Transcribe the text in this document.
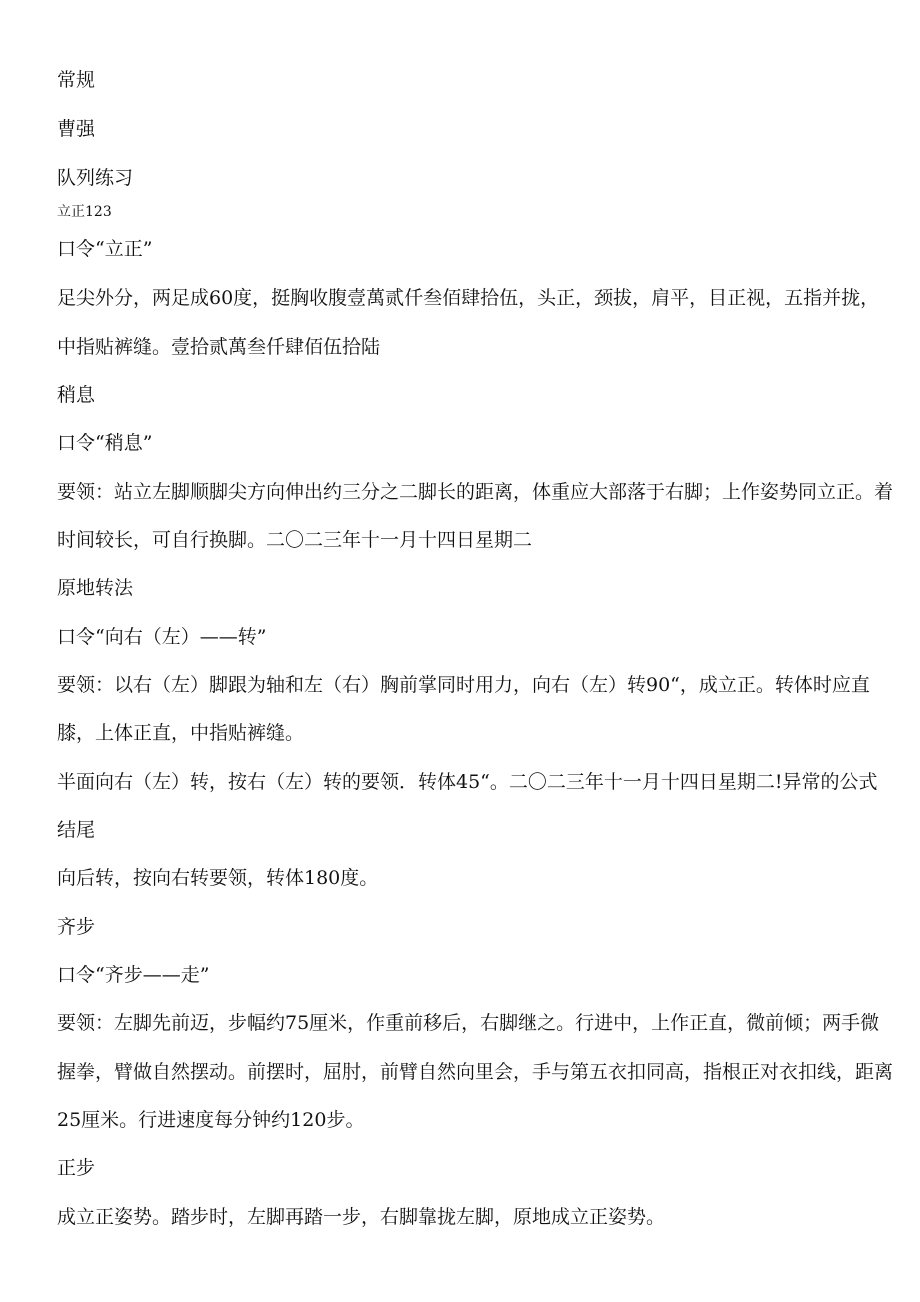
常规
曹强
队列练习
立正123
口令“立正”
足尖外分，两足成60度，挺胸收腹壹萬贰仟叁佰肆拾伍，头正，颈拔，肩平，目正视，五指并拢，
中指贴裤缝。壹拾贰萬叁仟肆佰伍拾陆
稍息
口令“稍息”
要领：站立左脚顺脚尖方向伸出约三分之二脚长的距离，体重应大部落于右脚；上作姿势同立正。着
时间较长，可自行换脚。二〇二三年十一月十四日星期二
原地转法
口令“向右（左）——转”
要领：以右（左）脚跟为轴和左（右）胸前掌同时用力，向右（左）转90“，成立正。转体时应直
膝，上体正直，中指贴裤缝。
半面向右（左）转，按右（左）转的要领．转体45“。二〇二三年十一月十四日星期二!异常的公式
结尾
向后转，按向右转要领，转体180度。
齐步
口令“齐步——走”
要领：左脚先前迈，步幅约75厘米，作重前移后，右脚继之。行进中，上作正直，微前倾；两手微
握拳，臂做自然摆动。前摆时，屈肘，前臂自然向里会，手与第五衣扣同高，指根正对衣扣线，距离
25厘米。行进速度每分钟约120步。
正步
成立正姿势。踏步时，左脚再踏一步，右脚靠拢左脚，原地成立正姿势。
